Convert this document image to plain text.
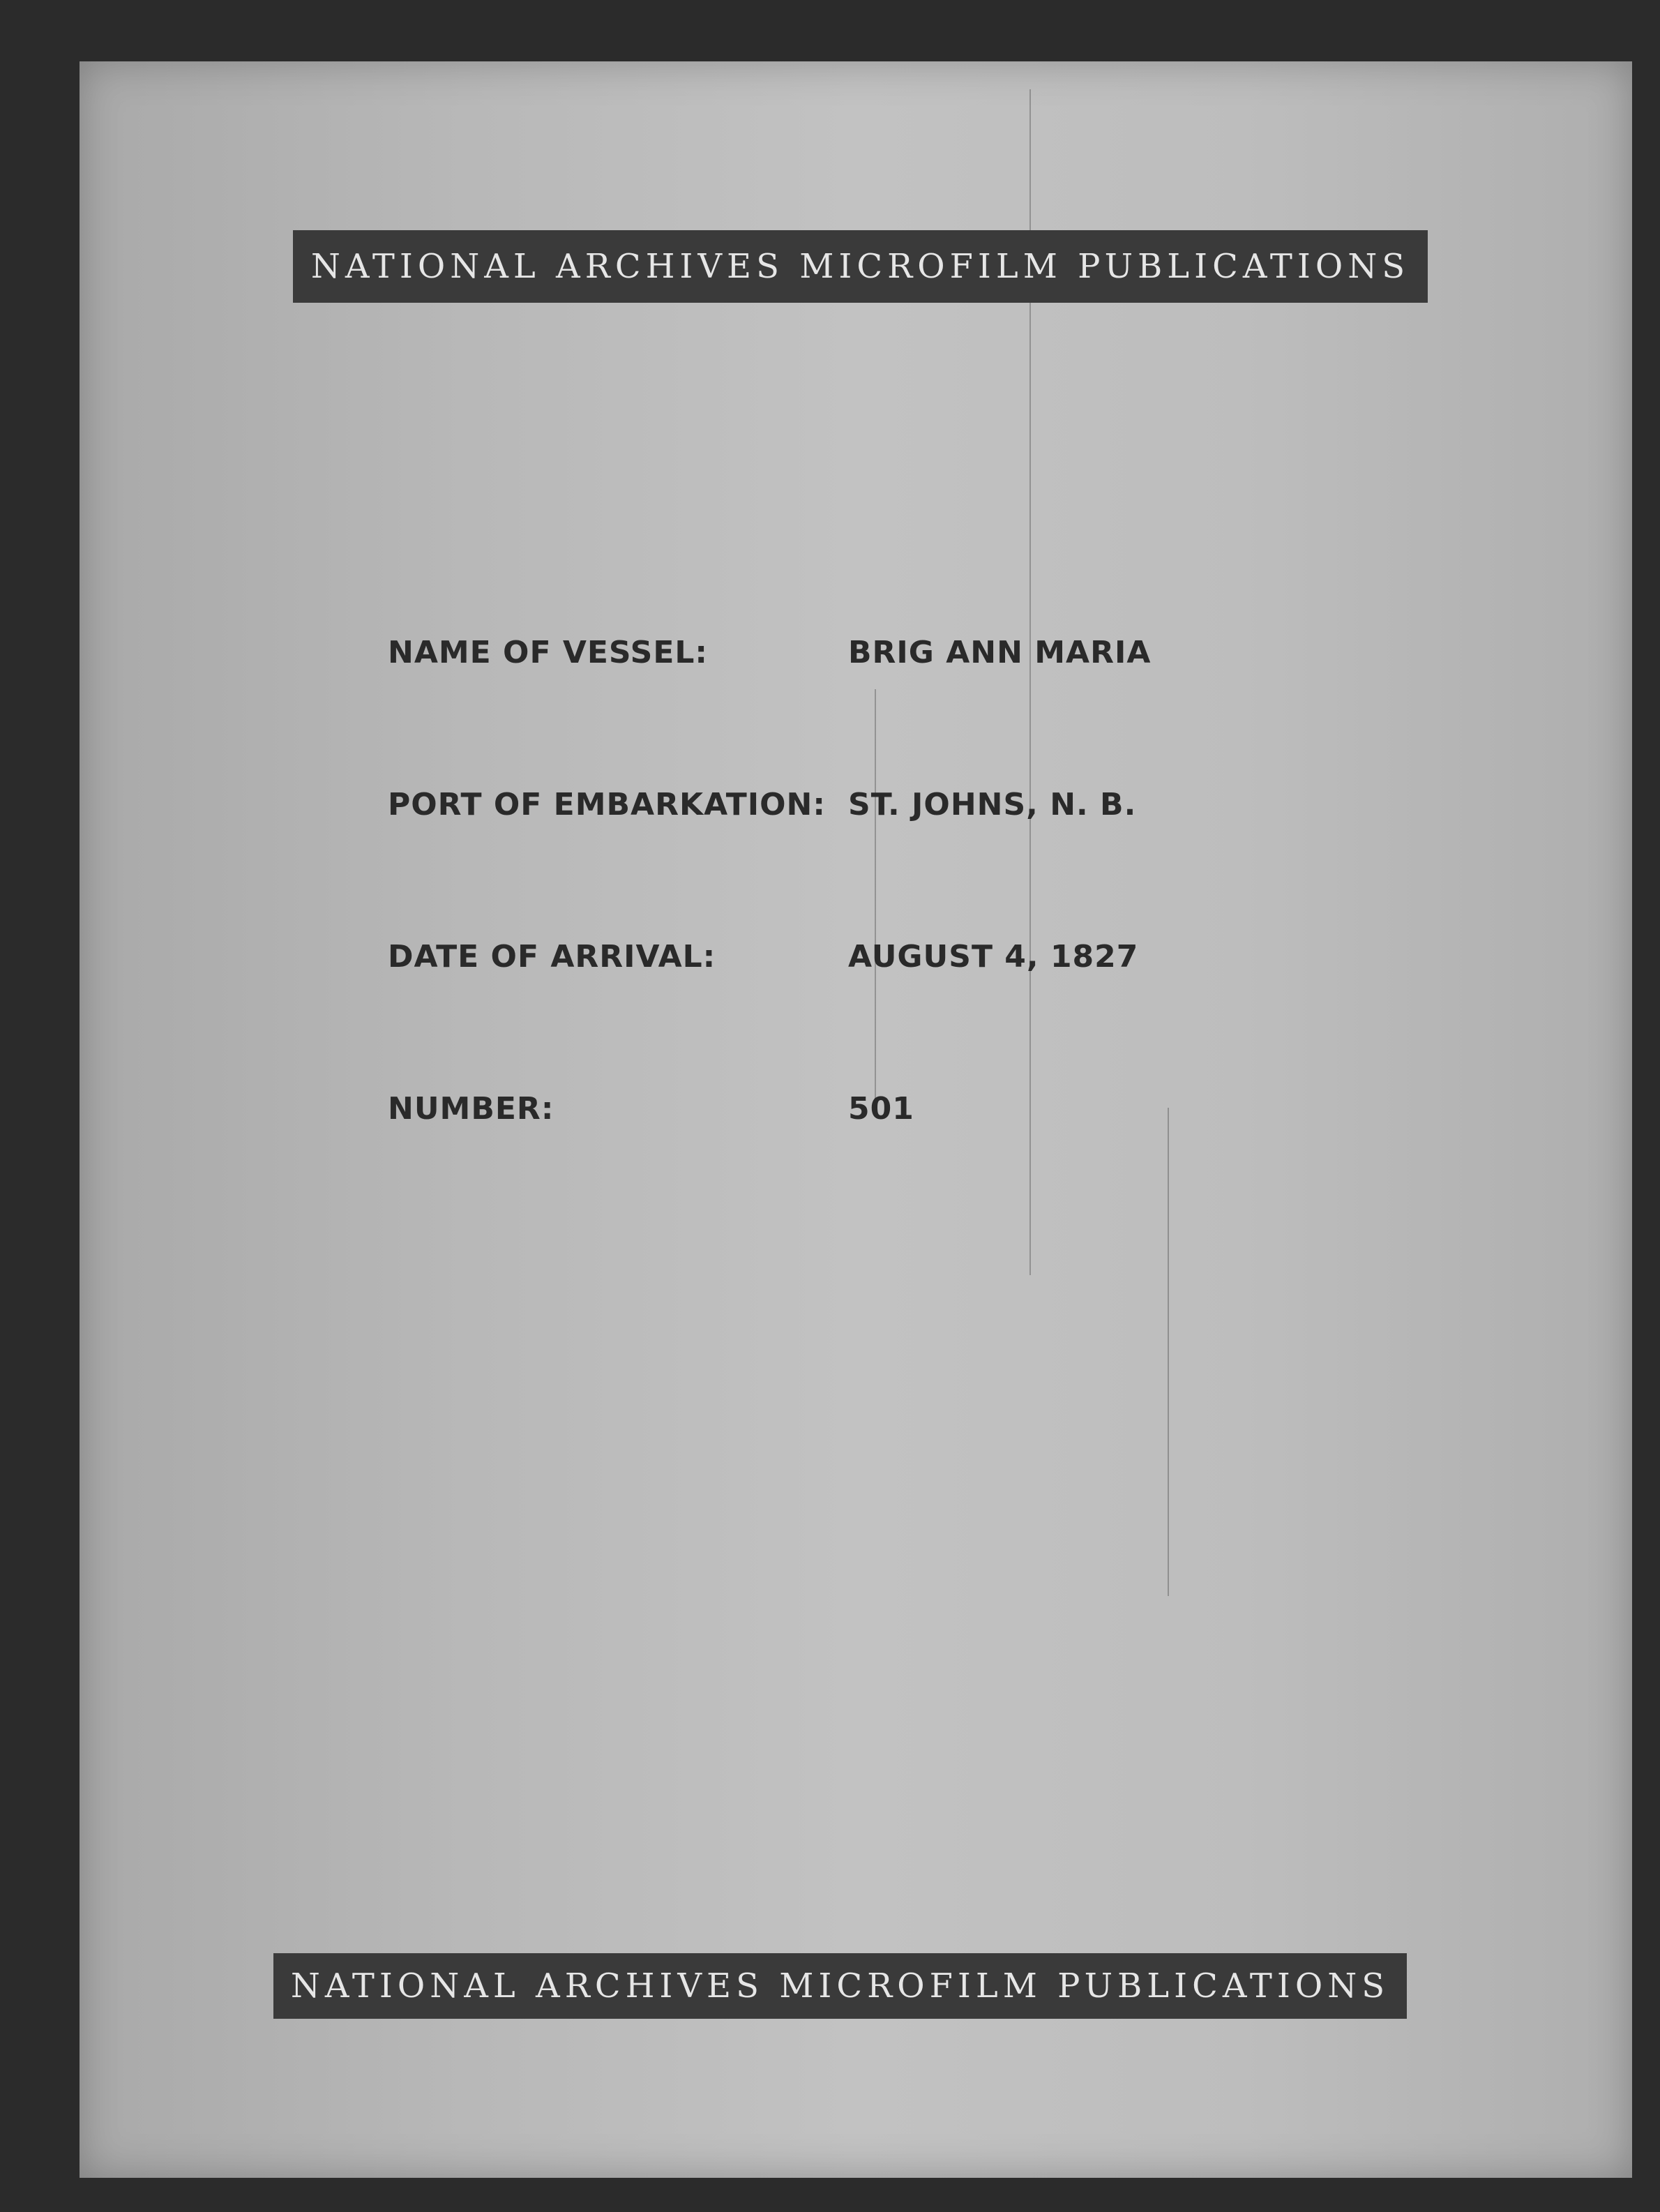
NATIONAL ARCHIVES MICROFILM PUBLICATIONS
NAME OF VESSEL:	BRIG ANN MARIA
PORT OF EMBARKATION: ST. JOHNS, N. B.
DATE OF ARRIVAL:	AUGUST 4, 1827
NUMBER:	501
NATIONAL ARCHIVES MICROFILM PUBLICATIONS
